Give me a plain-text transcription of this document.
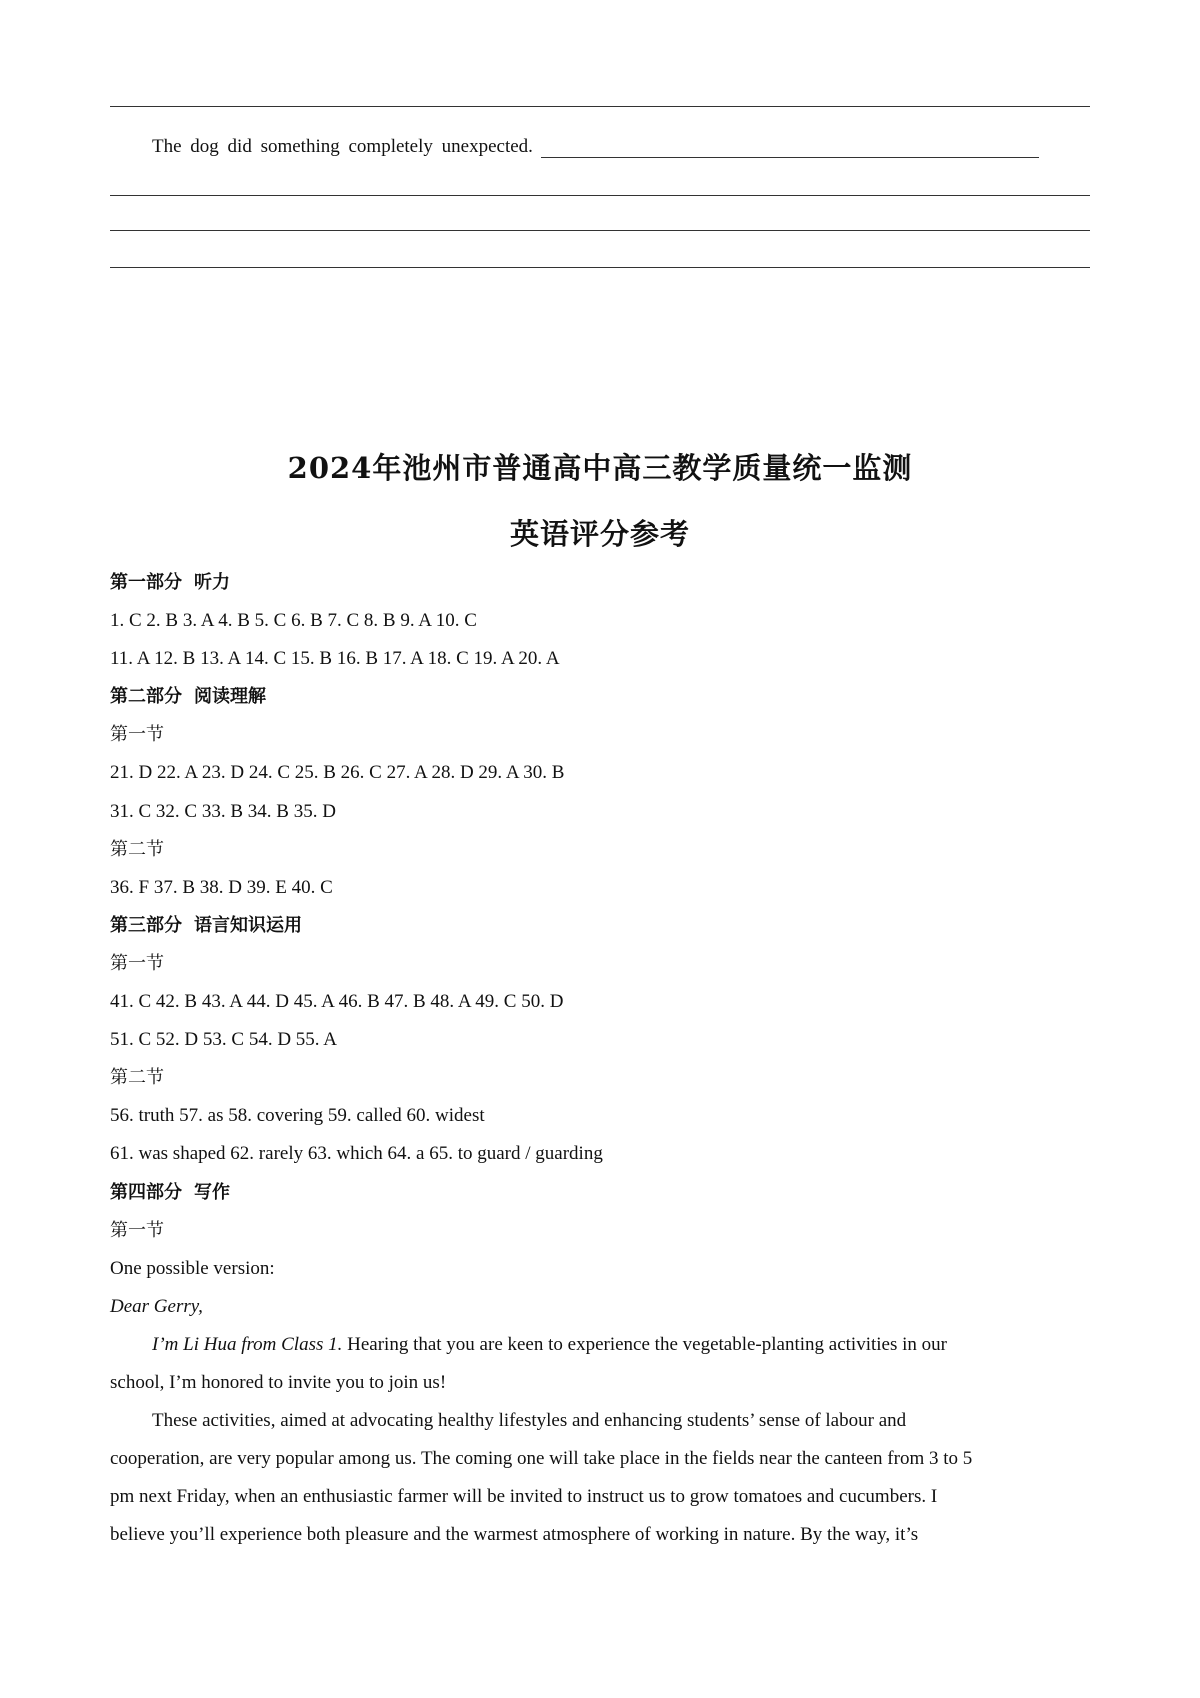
The dog did something completely unexpected.
2024年池州市普通高中高三教学质量统一监测
英语评分参考
第一部分 听力
1. C 2. B 3. A 4. B 5. C 6. B 7. C 8. B 9. A 10. C
11. A 12. B 13. A 14. C 15. B 16. B 17. A 18. C 19. A 20. A
第二部分 阅读理解
第一节
21. D 22. A 23. D 24. C 25. B 26. C 27. A 28. D 29. A 30. B
31. C 32. C 33. B 34. B 35. D
第二节
36. F 37. B 38. D 39. E 40. C
第三部分 语言知识运用
第一节
41. C 42. B 43. A 44. D 45. A 46. B 47. B 48. A 49. C 50. D
51. C 52. D 53. C 54. D 55. A
第二节
56. truth 57. as 58. covering 59. called 60. widest
61. was shaped 62. rarely 63. which 64. a 65. to guard / guarding
第四部分 写作
第一节
One possible version:
Dear Gerry,
I’m Li Hua from Class 1. Hearing that you are keen to experience the vegetable-planting activities in our
school, I’m honored to invite you to join us!
These activities, aimed at advocating healthy lifestyles and enhancing students’ sense of labour and
cooperation, are very popular among us. The coming one will take place in the fields near the canteen from 3 to 5
pm next Friday, when an enthusiastic farmer will be invited to instruct us to grow tomatoes and cucumbers. I
believe you’ll experience both pleasure and the warmest atmosphere of working in nature. By the way, it’s
